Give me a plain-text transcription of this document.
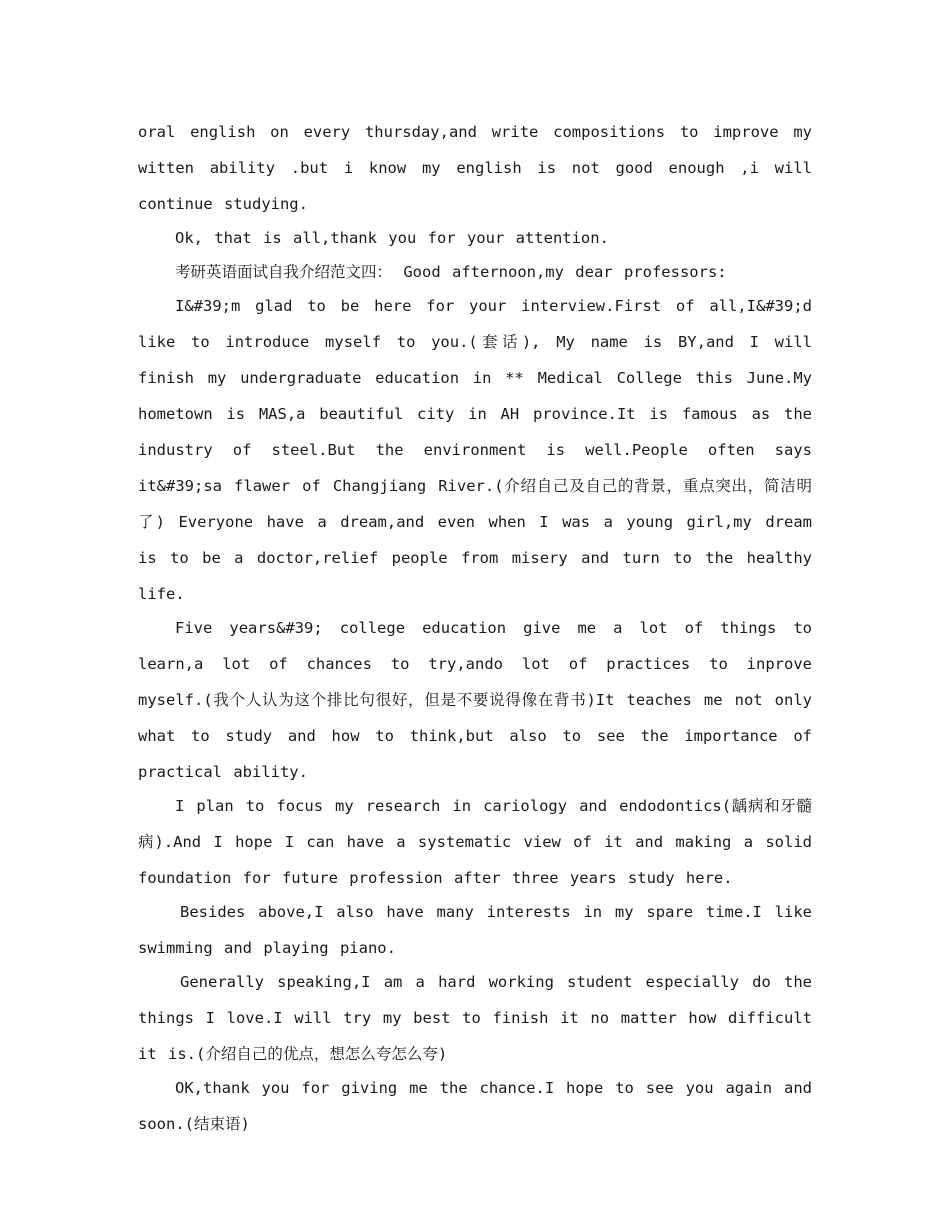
oral english on every thursday,and write compositions to improve my witten ability .but i know my english is not good enough ,i will continue studying.

Ok, that is all,thank you for your attention.

考研英语面试自我介绍范文四： Good afternoon,my dear professors:

I&#39;m glad to be here for your interview.First of all,I&#39;d like to introduce myself to you.(套话), My name is BY,and I will finish my undergraduate education in ** Medical College this June.My hometown is MAS,a beautiful city in AH province.It is famous as the industry of steel.But the environment is well.People often says it&#39;sa flawer of Changjiang River.(介绍自己及自己的背景，重点突出，简洁明了) Everyone have a dream,and even when I was a young girl,my dream is to be a doctor,relief people from misery and turn to the healthy life.

Five years&#39; college education give me a lot of things to learn,a lot of chances to try,ando lot of practices to inprove myself.(我个人认为这个排比句很好，但是不要说得像在背书)It teaches me not only what to study and how to think,but also to see the importance of practical ability.

I plan to focus my research in cariology and endodontics(龋病和牙髓病).And I hope I can have a systematic view of it and making a solid foundation for future profession after three years study here.

Besides above,I also have many interests in my spare time.I like swimming and playing piano.

Generally speaking,I am a hard working student especially do the things I love.I will try my best to finish it no matter how difficult it is.(介绍自己的优点，想怎么夸怎么夸)

OK,thank you for giving me the chance.I hope to see you again and soon.(结束语)
